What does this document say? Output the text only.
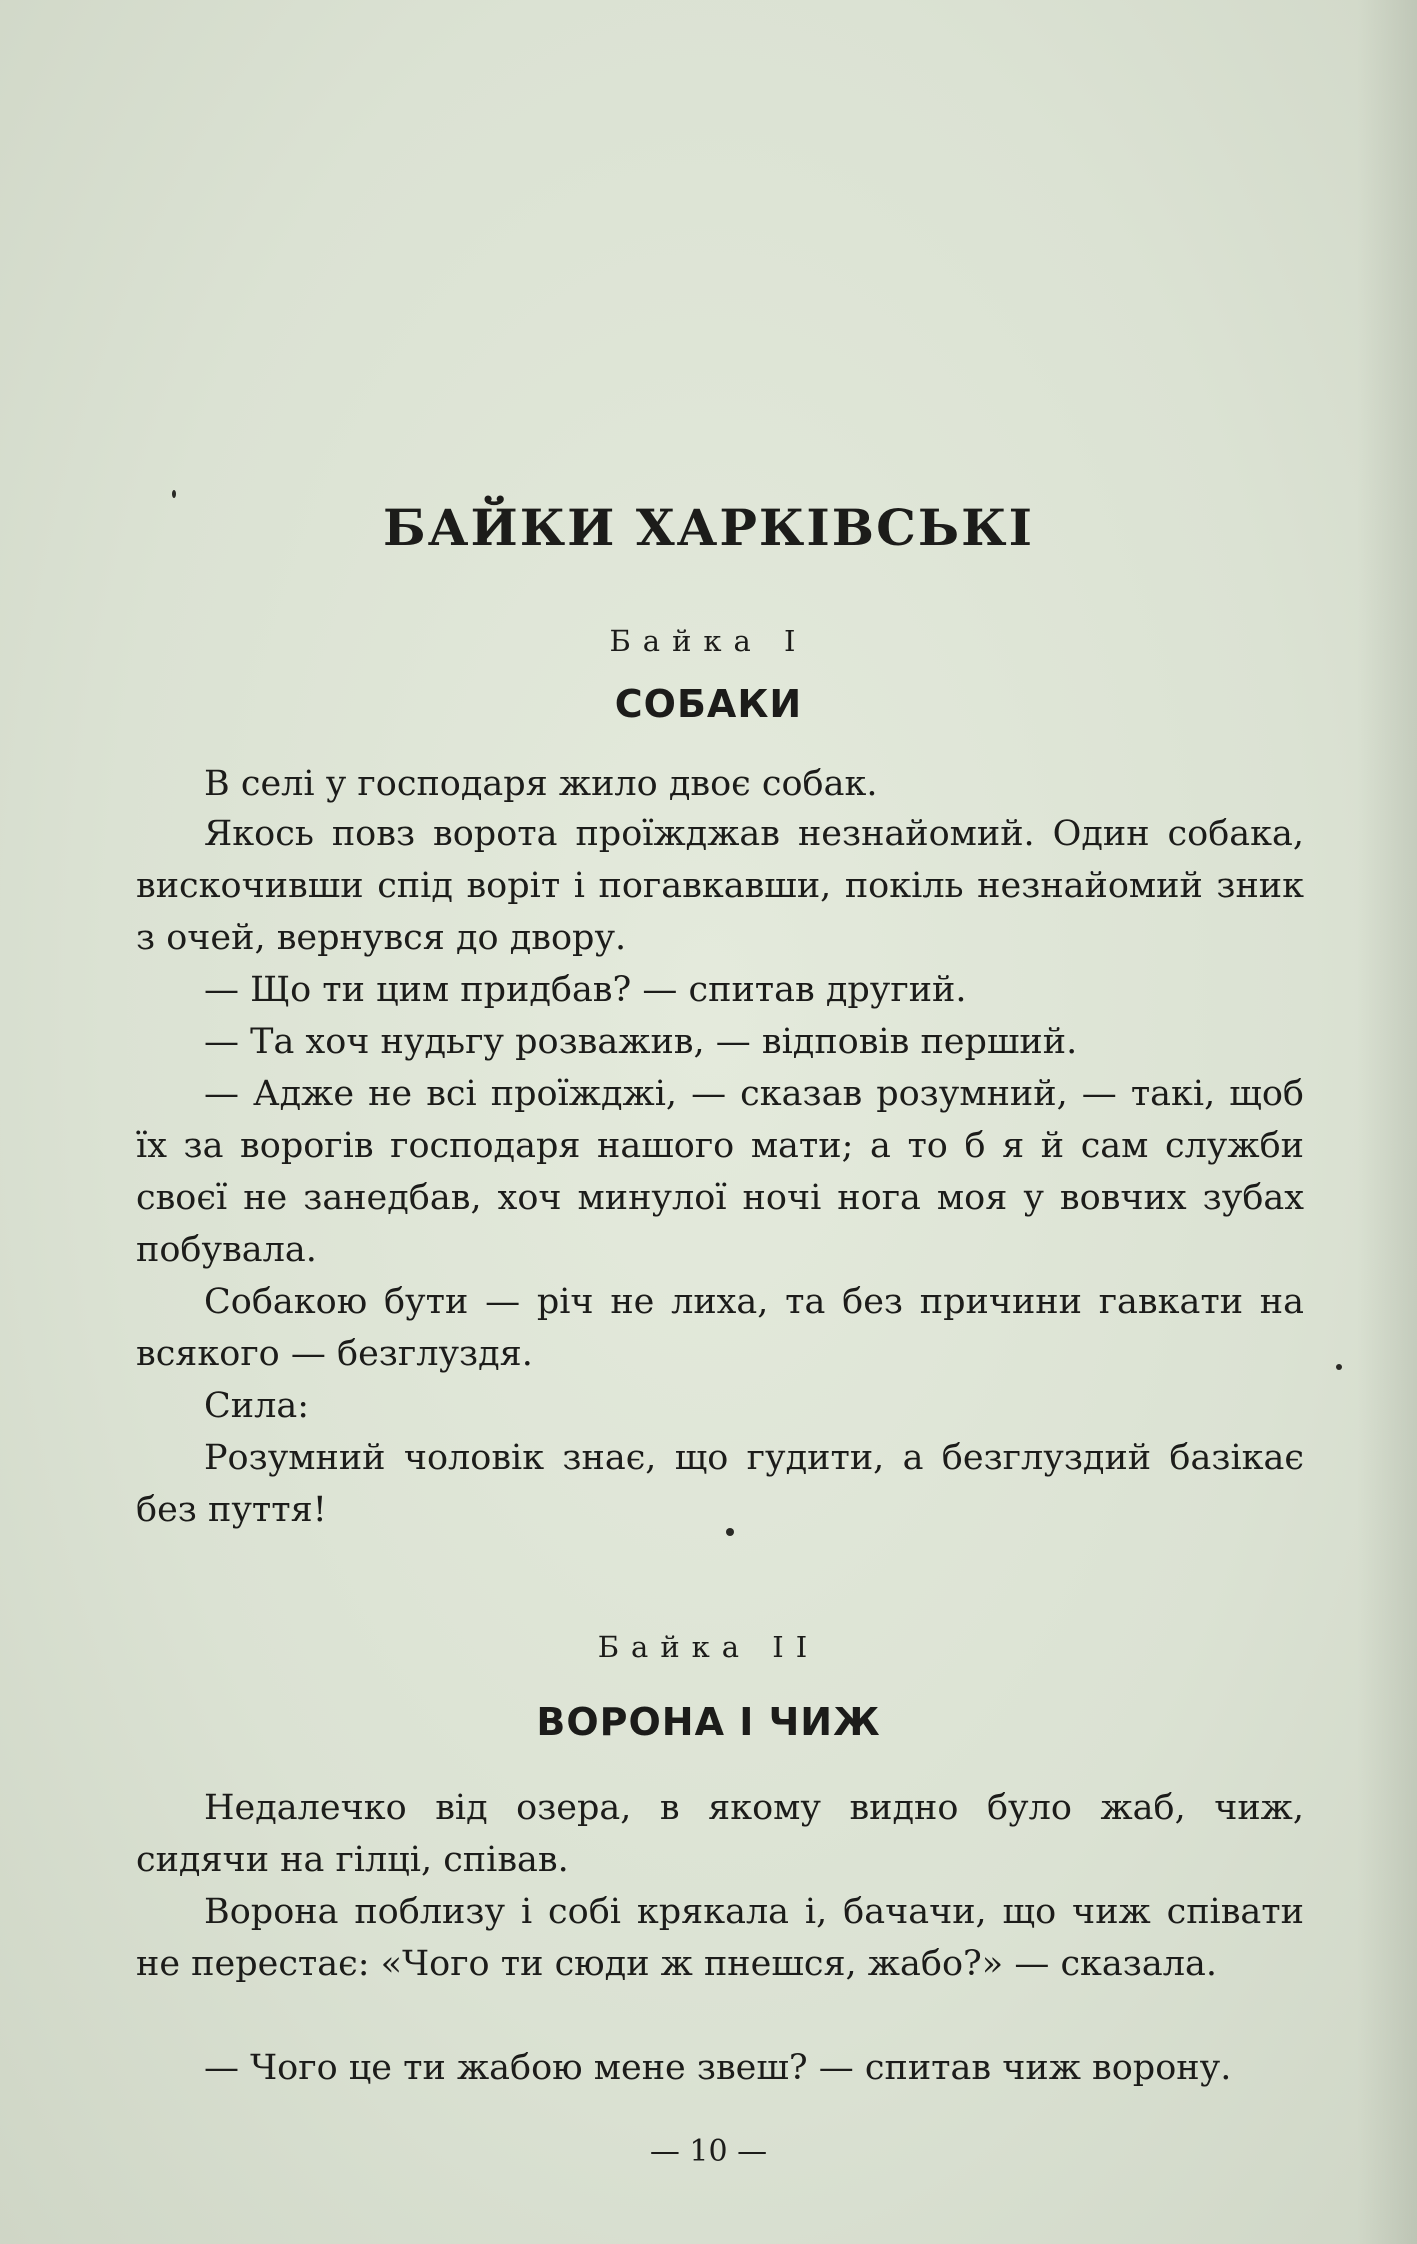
БАЙКИ ХАРКІВСЬКІ
Байка I
СОБАКИ

В селі у господаря жило двоє собак.

Якось повз ворота проїжджав незнайомий. Один собака, вискочивши спід воріт і погавкавши, покіль незнайомий зник з очей, вернувся до двору.

— Що ти цим придбав? — спитав другий.

— Та хоч нудьгу розважив, — відповів перший.

— Адже не всі проїжджі, — сказав розумний, — такі, щоб їх за ворогів господаря нашого мати; а то б я й сам служби своєї не занедбав, хоч минулої ночі нога моя у вовчих зубах побувала.

Собакою бути — річ не лиха, та без причини гавкати на всякого — безглуздя.

Сила:

Розумний чоловік знає, що гудити, а безглуздий базікає без пуття!

Байка II
ВОРОНА І ЧИЖ

Недалечко від озера, в якому видно було жаб, чиж, сидячи на гілці, співав.

Ворона поблизу і собі крякала і, бачачи, що чиж співати не перестає: «Чого ти сюди ж пнешся, жабо?» — сказала.

— Чого це ти жабою мене звеш? — спитав чиж ворону.

— 10 —
